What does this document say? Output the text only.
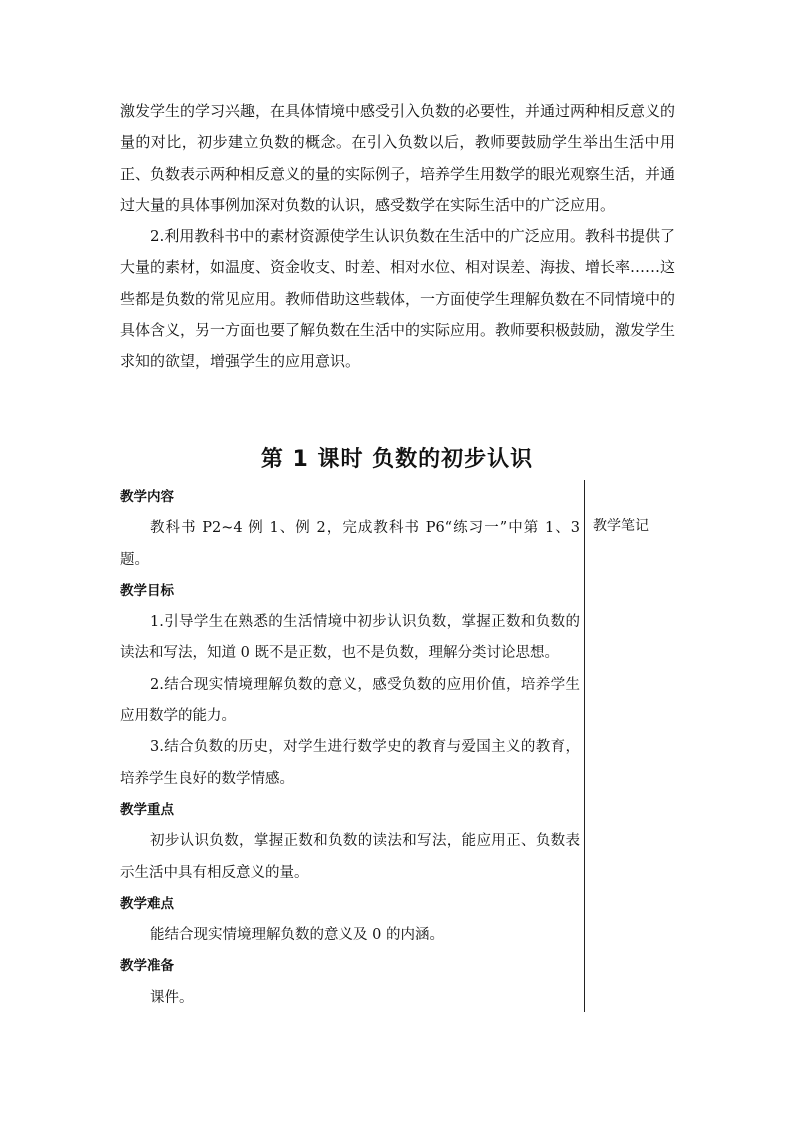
激发学生的学习兴趣，在具体情境中感受引入负数的必要性，并通过两种相反意义的量的对比，初步建立负数的概念。在引入负数以后，教师要鼓励学生举出生活中用正、负数表示两种相反意义的量的实际例子，培养学生用数学的眼光观察生活，并通过大量的具体事例加深对负数的认识，感受数学在实际生活中的广泛应用。

2.利用教科书中的素材资源使学生认识负数在生活中的广泛应用。教科书提供了大量的素材，如温度、资金收支、时差、相对水位、相对误差、海拔、增长率……这些都是负数的常见应用。教师借助这些载体，一方面使学生理解负数在不同情境中的具体含义，另一方面也要了解负数在生活中的实际应用。教师要积极鼓励，激发学生求知的欲望，增强学生的应用意识。

第 1 课时 负数的初步认识
教学笔记

教学内容

教科书 P2~4 例 1、例 2，完成教科书 P6“练习一”中第 1、3 题。

教学目标

1.引导学生在熟悉的生活情境中初步认识负数，掌握正数和负数的读法和写法，知道 0 既不是正数，也不是负数，理解分类讨论思想。

2.结合现实情境理解负数的意义，感受负数的应用价值，培养学生应用数学的能力。

3.结合负数的历史，对学生进行数学史的教育与爱国主义的教育，培养学生良好的数学情感。

教学重点

初步认识负数，掌握正数和负数的读法和写法，能应用正、负数表示生活中具有相反意义的量。

教学难点

能结合现实情境理解负数的意义及 0 的内涵。

教学准备

课件。
